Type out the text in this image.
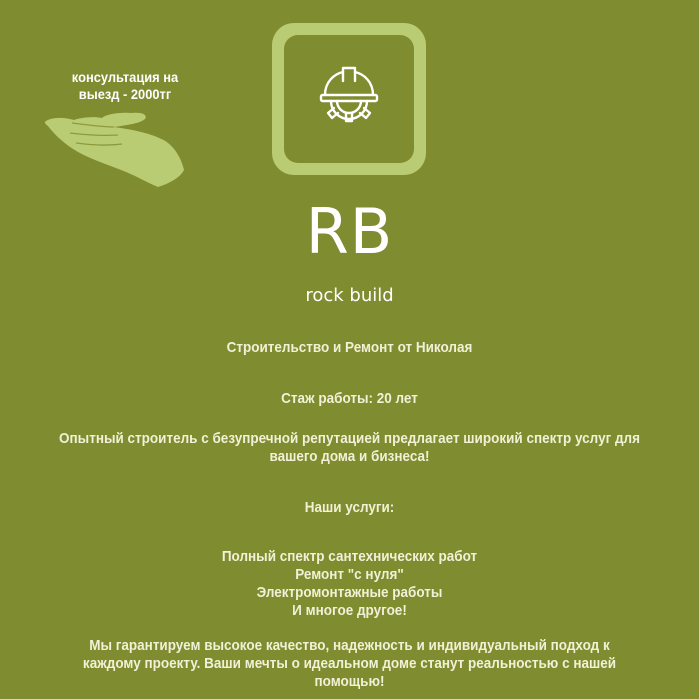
консультация на
выезд - 2000тг
RB
rock build
Строительство и Ремонт от Николая
Стаж работы: 20 лет
Опытный строитель с безупречной репутацией предлагает широкий спектр услуг для
вашего дома и бизнеса!
Наши услуги:
Полный спектр сантехнических работ
Ремонт "с нуля"
Электромонтажные работы
И многое другое!
Мы гарантируем высокое качество, надежность и индивидуальный подход к
каждому проекту. Ваши мечты о идеальном доме станут реальностью с нашей
помощью!
